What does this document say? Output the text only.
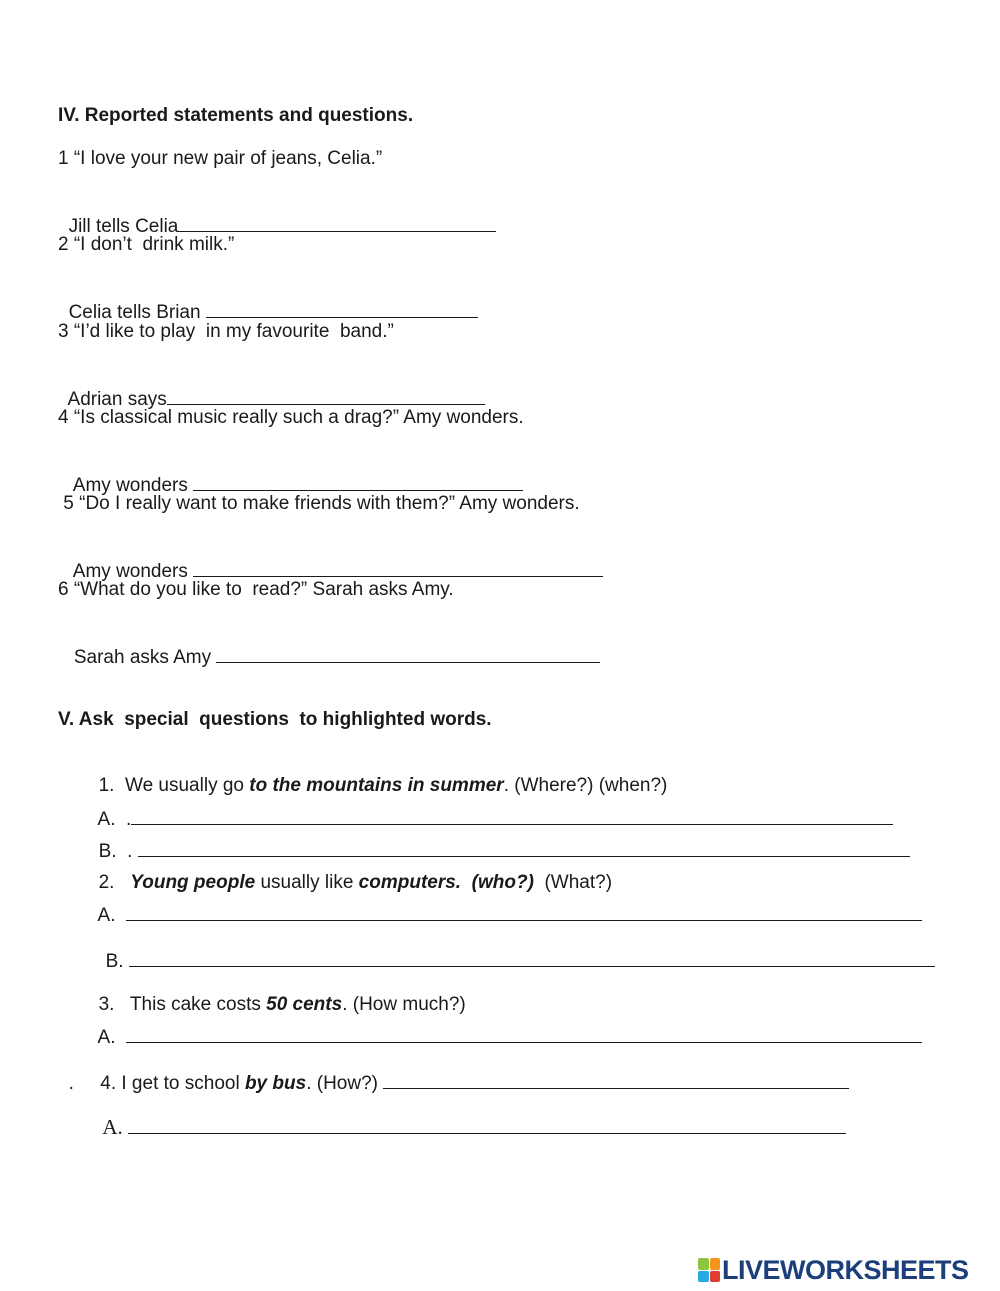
IV. Reported statements and questions.
1 “I love your new pair of jeans, Celia.”

Jill tells Celia

2 “I don’t  drink milk.”

Celia tells Brian

3 “I’d like to play  in my favourite  band.”

Adrian says

4 “Is classical music really such a drag?” Amy wonders.

Amy wonders

5 “Do I really want to make friends with them?” Amy wonders.

Amy wonders

6 “What do you like to  read?” Sarah asks Amy.

Sarah asks Amy

V. Ask  special  questions  to highlighted words.

1. We usually go to the mountains in summer. (Where?) (when?)

A. .

B. .

2. Young people usually like computers.  (who?)  (What?)

A.

B.

3. This cake costs 50 cents. (How much?)

A.

. 4. I get to school by bus. (How?)

A.

LIVEWORKSHEETS
